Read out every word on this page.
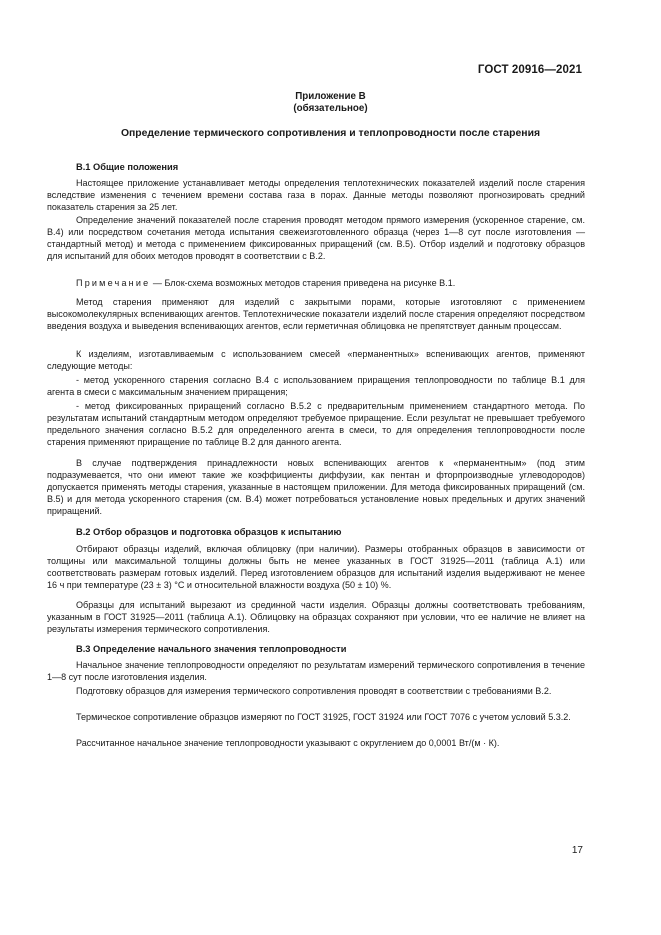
ГОСТ 20916—2021
Приложение В
(обязательное)
Определение термического сопротивления и теплопроводности после старения
В.1 Общие положения
Настоящее приложение устанавливает методы определения теплотехнических показателей изделий после старения вследствие изменения с течением времени состава газа в порах. Данные методы позволяют прогнозировать средний показатель старения за 25 лет.
Определение значений показателей после старения проводят методом прямого измерения (ускоренное старение, см. В.4) или посредством сочетания метода испытания свежеизготовленного образца (через 1—8 сут после изготовления — стандартный метод) и метода с применением фиксированных приращений (см. В.5). Отбор изделий и подготовку образцов для испытаний для обоих методов проводят в соответствии с В.2.
Примечание — Блок-схема возможных методов старения приведена на рисунке В.1.
Метод старения применяют для изделий с закрытыми порами, которые изготовляют с применением высокомолекулярных вспенивающих агентов. Теплотехнические показатели изделий после старения определяют посредством введения воздуха и выведения вспенивающих агентов, если герметичная облицовка не препятствует данным процессам.
К изделиям, изготавливаемым с использованием смесей «перманентных» вспенивающих агентов, применяют следующие методы:
- метод ускоренного старения согласно В.4 с использованием приращения теплопроводности по таблице В.1 для агента в смеси с максимальным значением приращения;
- метод фиксированных приращений согласно В.5.2 с предварительным применением стандартного метода. По результатам испытаний стандартным методом определяют требуемое приращение. Если результат не превышает требуемого предельного значения согласно В.5.2 для определенного агента в смеси, то для определения теплопроводности после старения применяют приращение по таблице В.2 для данного агента.
В случае подтверждения принадлежности новых вспенивающих агентов к «перманентным» (под этим подразумевается, что они имеют такие же коэффициенты диффузии, как пентан и фторпроизводные углеводородов) допускается применять методы старения, указанные в настоящем приложении. Для метода фиксированных приращений (см. В.5) и для метода ускоренного старения (см. В.4) может потребоваться установление новых предельных и других значений приращений.
В.2 Отбор образцов и подготовка образцов к испытанию
Отбирают образцы изделий, включая облицовку (при наличии). Размеры отобранных образцов в зависимости от толщины или максимальной толщины должны быть не менее указанных в ГОСТ 31925—2011 (таблица А.1) или соответствовать размерам готовых изделий. Перед изготовлением образцов для испытаний изделия выдерживают не менее 16 ч при температуре (23 ± 3) °С и относительной влажности воздуха (50 ± 10) %.
Образцы для испытаний вырезают из срединной части изделия. Образцы должны соответствовать требованиям, указанным в ГОСТ 31925—2011 (таблица А.1). Облицовку на образцах сохраняют при условии, что ее наличие не влияет на результаты измерения термического сопротивления.
В.3 Определение начального значения теплопроводности
Начальное значение теплопроводности определяют по результатам измерений термического сопротивления в течение 1—8 сут после изготовления изделия.
Подготовку образцов для измерения термического сопротивления проводят в соответствии с требованиями В.2.
Термическое сопротивление образцов измеряют по ГОСТ 31925, ГОСТ 31924 или ГОСТ 7076 с учетом условий 5.3.2.
Рассчитанное начальное значение теплопроводности указывают с округлением до 0,0001 Вт/(м · К).
17
